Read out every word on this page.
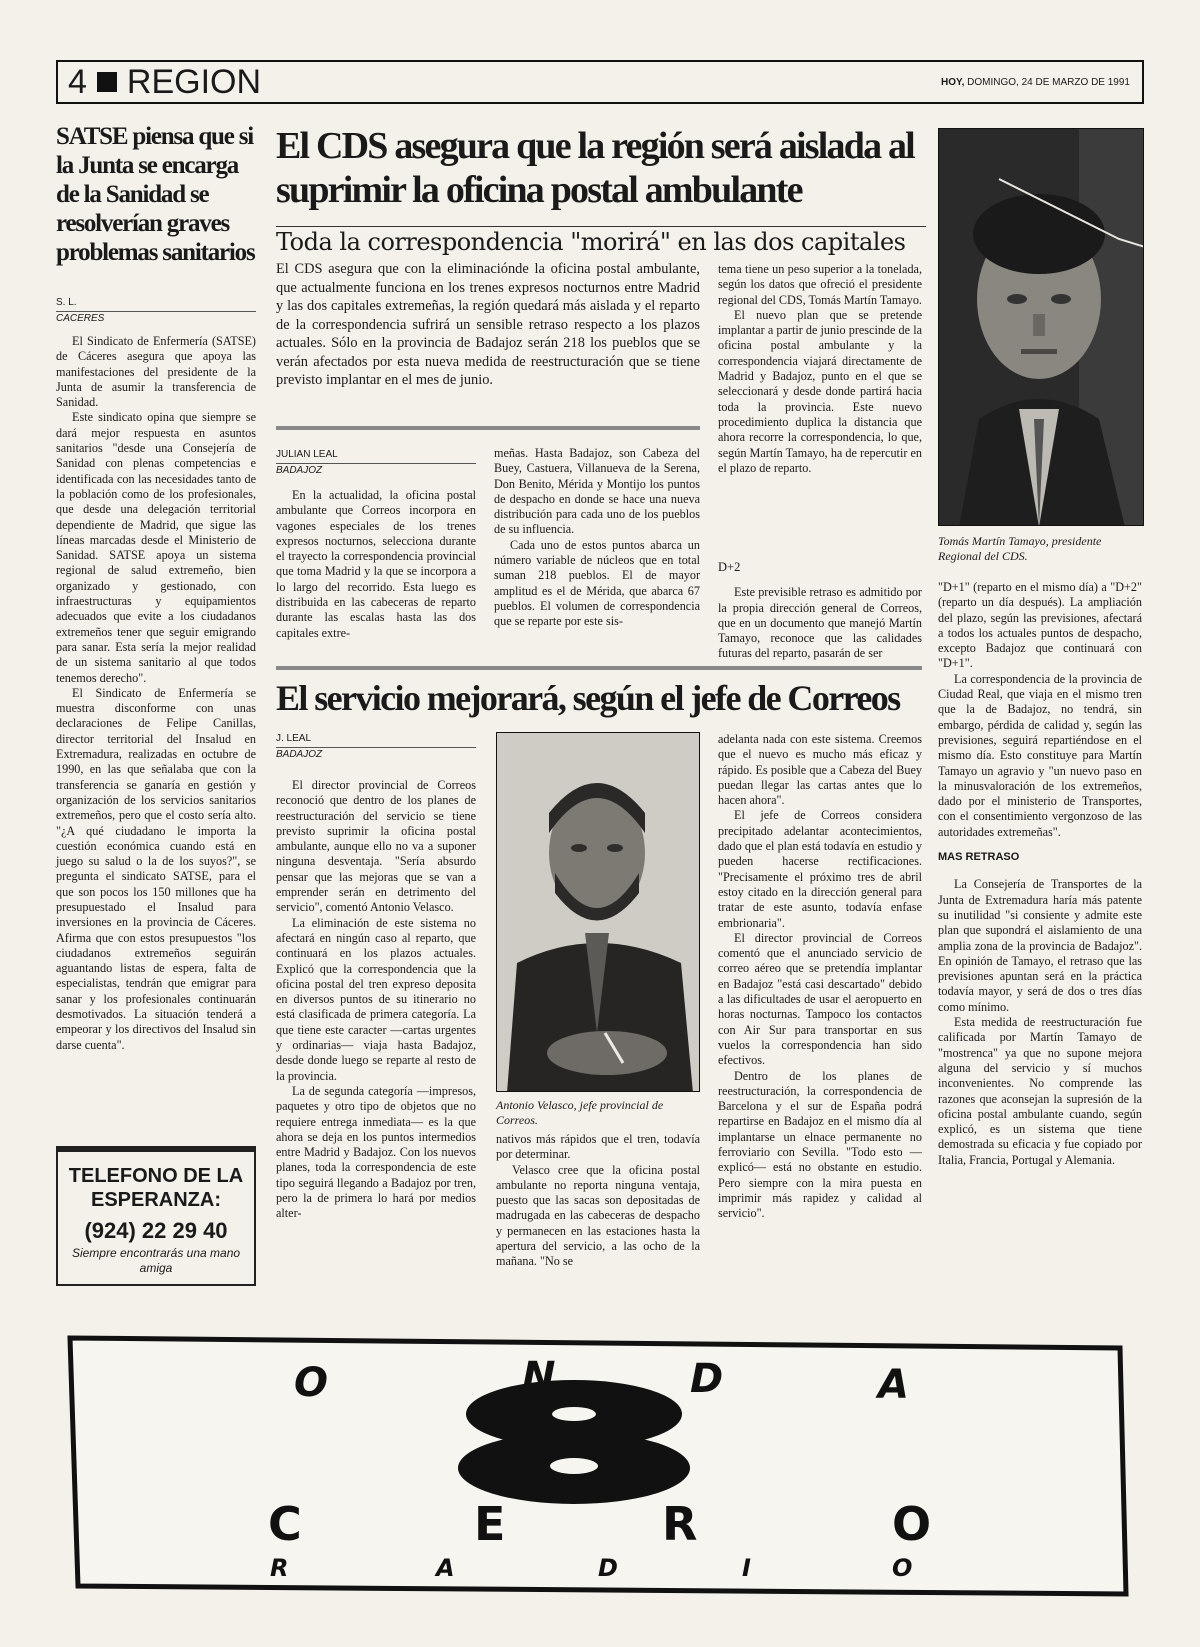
4 REGION	HOY, DOMINGO, 24 DE MARZO DE 1991
SATSE piensa que si la Junta se encarga de la Sanidad se resolverían graves problemas sanitarios
S. L.
CACERES

El Sindicato de Enfermería (SATSE) de Cáceres asegura que apoya las manifestaciones del presidente de la Junta de asumir la transferencia de Sanidad.

Este sindicato opina que siempre se dará mejor respuesta en asuntos sanitarios "desde una Consejería de Sanidad con plenas competencias e identificada con las necesidades tanto de la población como de los profesionales, que desde una delegación territorial dependiente de Madrid, que sigue las líneas marcadas desde el Ministerio de Sanidad. SATSE apoya un sistema regional de salud extremeño, bien organizado y gestionado, con infraestructuras y equipamientos adecuados que evite a los ciudadanos extremeños tener que seguir emigrando para sanar. Esta sería la mejor realidad de un sistema sanitario al que todos tenemos derecho".

El Sindicato de Enfermería se muestra disconforme con unas declaraciones de Felipe Canillas, director territorial del Insalud en Extremadura, realizadas en octubre de 1990, en las que señalaba que con la transferencia se ganaría en gestión y organización de los servicios sanitarios extremeños, pero que el costo sería alto. "¿A qué ciudadano le importa la cuestión económica cuando está en juego su salud o la de los suyos?", se pregunta el sindicato SATSE, para el que son pocos los 150 millones que ha presupuestado el Insalud para inversiones en la provincia de Cáceres. Afirma que con estos presupuestos "los ciudadanos extremeños seguirán aguantando listas de espera, falta de especialistas, tendrán que emigrar para sanar y los profesionales continuarán desmotivados. La situación tenderá a empeorar y los directivos del Insalud sin darse cuenta".

TELEFONO DE LA ESPERANZA:
(924) 22 29 40
Siempre encontrarás una mano amiga
El CDS asegura que la región será aislada al suprimir la oficina postal ambulante
Toda la correspondencia "morirá" en las dos capitales

El CDS asegura que con la eliminaciónde la oficina postal ambulante, que actualmente funciona en los trenes expresos nocturnos entre Madrid y las dos capitales extremeñas, la región quedará más aislada y el reparto de la correspondencia sufrirá un sensible retraso respecto a los plazos actuales. Sólo en la provincia de Badajoz serán 218 los pueblos que se verán afectados por esta nueva medida de reestructuración que se tiene previsto implantar en el mes de junio.

JULIAN LEAL
BADAJOZ

En la actualidad, la oficina postal ambulante que Correos incorpora en vagones especiales de los trenes expresos nocturnos, selecciona durante el trayecto la correspondencia provincial que toma Madrid y la que se incorpora a lo largo del recorrido. Esta luego es distribuida en las cabeceras de reparto durante las escalas hasta las dos capitales extre-

meñas. Hasta Badajoz, son Cabeza del Buey, Castuera, Villanueva de la Serena, Don Benito, Mérida y Montijo los puntos de despacho en donde se hace una nueva distribución para cada uno de los pueblos de su influencia.

Cada uno de estos puntos abarca un número variable de núcleos que en total suman 218 pueblos. El de mayor amplitud es el de Mérida, que abarca 67 pueblos. El volumen de correspondencia que se reparte por este sis-

tema tiene un peso superior a la tonelada, según los datos que ofreció el presidente regional del CDS, Tomás Martín Tamayo.

El nuevo plan que se pretende implantar a partir de junio prescinde de la oficina postal ambulante y la correspondencia viajará directamente de Madrid y Badajoz, punto en el que se seleccionará y desde donde partirá hacia toda la provincia. Este nuevo procedimiento duplica la distancia que ahora recorre la correspondencia, lo que, según Martín Tamayo, ha de repercutir en el plazo de reparto.

D+2

Este previsible retraso es admitido por la propia dirección general de Correos, que en un documento que manejó Martín Tamayo, reconoce que las calidades futuras del reparto, pasarán de ser

Tomás Martín Tamayo, presidente Regional del CDS.

"D+1" (reparto en el mismo día) a "D+2" (reparto un día después). La ampliación del plazo, según las previsiones, afectará a todos los actuales puntos de despacho, excepto Badajoz que continuará con "D+1".

La correspondencia de la provincia de Ciudad Real, que viaja en el mismo tren que la de Badajoz, no tendrá, sin embargo, pérdida de calidad y, según las previsiones, seguirá repartiéndose en el mismo día. Esto constituye para Martín Tamayo un agravio y "un nuevo paso en la minusvaloración de los extremeños, dado por el ministerio de Transportes, con el consentimiento vergonzoso de las autoridades extremeñas".

MAS RETRASO

La Consejería de Transportes de la Junta de Extremadura haría más patente su inutilidad "si consiente y admite este plan que supondrá el aislamiento de una amplia zona de la provincia de Badajoz". En opinión de Tamayo, el retraso que las previsiones apuntan será en la práctica todavía mayor, y será de dos o tres días como mínimo.

Esta medida de reestructuración fue calificada por Martín Tamayo de "mostrenca" ya que no supone mejora alguna del servicio y sí muchos inconvenientes. No comprende las razones que aconsejan la supresión de la oficina postal ambulante cuando, según explicó, es un sistema que tiene demostrada su eficacia y fue copiado por Italia, Francia, Portugal y Alemania.

El servicio mejorará, según el jefe de Correos
J. LEAL
BADAJOZ

El director provincial de Correos reconoció que dentro de los planes de reestructuración del servicio se tiene previsto suprimir la oficina postal ambulante, aunque ello no va a suponer ninguna desventaja. "Sería absurdo pensar que las mejoras que se van a emprender serán en detrimento del servicio", comentó Antonio Velasco.

La eliminación de este sistema no afectará en ningún caso al reparto, que continuará en los plazos actuales. Explicó que la correspondencia que la oficina postal del tren expreso deposita en diversos puntos de su itinerario no está clasificada de primera categoría. La que tiene este caracter —cartas urgentes y ordinarias— viaja hasta Badajoz, desde donde luego se reparte al resto de la provincia.

La de segunda categoría —impresos, paquetes y otro tipo de objetos que no requiere entrega inmediata— es la que ahora se deja en los puntos intermedios entre Madrid y Badajoz. Con los nuevos planes, toda la correspondencia de este tipo seguirá llegando a Badajoz por tren, pero la de primera lo hará por medios alter-

Antonio Velasco, jefe provincial de Correos.

nativos más rápidos que el tren, todavía por determinar.

Velasco cree que la oficina postal ambulante no reporta ninguna ventaja, puesto que las sacas son depositadas de madrugada en las cabeceras de despacho y permanecen en las estaciones hasta la apertura del servicio, a las ocho de la mañana. "No se

adelanta nada con este sistema. Creemos que el nuevo es mucho más eficaz y rápido. Es posible que a Cabeza del Buey puedan llegar las cartas antes que lo hacen ahora".

El jefe de Correos considera precipitado adelantar acontecimientos, dado que el plan está todavía en estudio y pueden hacerse rectificaciones. "Precisamente el próximo tres de abril estoy citado en la dirección general para tratar de este asunto, todavía enfase embrionaria".

El director provincial de Correos comentó que el anunciado servicio de correo aéreo que se pretendía implantar en Badajoz "está casi descartado" debido a las dificultades de usar el aeropuerto en horas nocturnas. Tampoco los contactos con Air Sur para transportar en sus vuelos la correspondencia han sido efectivos.

Dentro de los planes de reestructuración, la correspondencia de Barcelona y el sur de España podrá repartirse en Badajoz en el mismo día al implantarse un elnace permanente no ferroviario con Sevilla. "Todo esto —explicó— está no obstante en estudio. Pero siempre con la mira puesta en imprimir más rapidez y calidad al servicio".

O	N	D	A
C	E	R	O
R	A	D	I	O
